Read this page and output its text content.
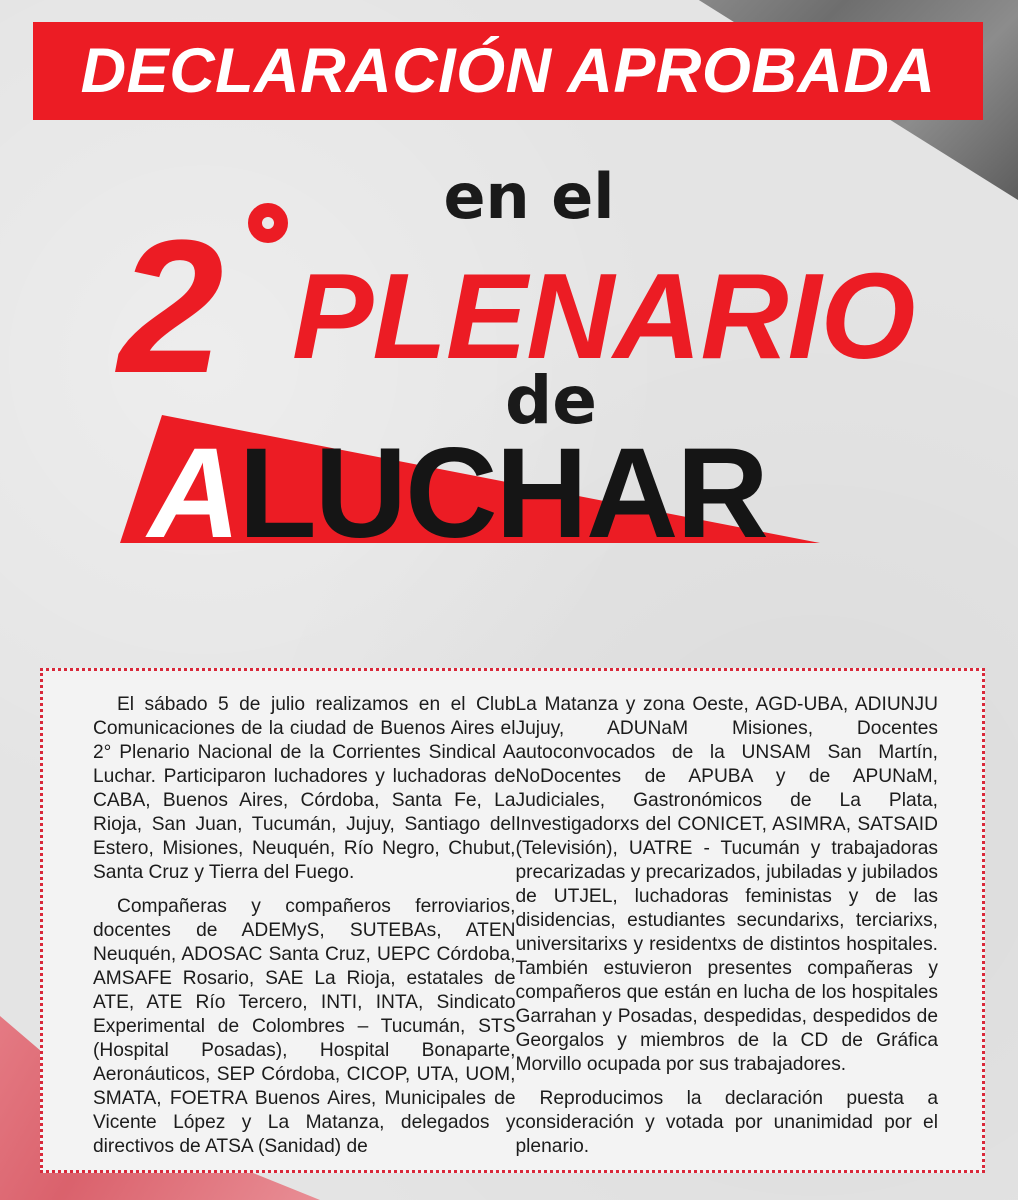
DECLARACIÓN APROBADA
en el
2 PLENARIO
de
ALUCHAR

El sábado 5 de julio realizamos en el Club Comunicaciones de la ciudad de Buenos Aires el 2° Plenario Nacional de la Corrientes Sindical A Luchar. Participaron luchadores y luchadoras de CABA, Buenos Aires, Córdoba, Santa Fe, La Rioja, San Juan, Tucumán, Jujuy, Santiago del Estero, Misiones, Neuquén, Río Negro, Chubut, Santa Cruz y Tierra del Fuego.

Compañeras y compañeros ferroviarios, docentes de ADEMyS, SUTEBAs, ATEN Neuquén, ADOSAC Santa Cruz, UEPC Córdoba, AMSAFE Rosario, SAE La Rioja, estatales de ATE, ATE Río Tercero, INTI, INTA, Sindicato Experimental de Colombres – Tucumán, STS (Hospital Posadas), Hospital Bonaparte, Aeronáuticos, SEP Córdoba, CICOP, UTA, UOM, SMATA, FOETRA Buenos Aires, Municipales de Vicente López y La Matanza, delegados y directivos de ATSA (Sanidad) de

La Matanza y zona Oeste, AGD-UBA, ADIUNJU Jujuy, ADUNaM Misiones, Docentes autoconvocados de la UNSAM San Martín, NoDocentes de APUBA y de APUNaM, Judiciales, Gastronómicos de La Plata, Investigadorxs del CONICET, ASIMRA, SATSAID (Televisión), UATRE - Tucumán y trabajadoras precarizadas y precarizados, jubiladas y jubilados de UTJEL, luchadoras feministas y de las disidencias, estudiantes secundarixs, terciarixs, universitarixs y residentxs de distintos hospitales. También estuvieron presentes compañeras y compañeros que están en lucha de los hospitales Garrahan y Posadas, despedidas, despedidos de Georgalos y miembros de la CD de Gráfica Morvillo ocupada por sus trabajadores.

Reproducimos la declaración puesta a consideración y votada por unanimidad por el plenario.
